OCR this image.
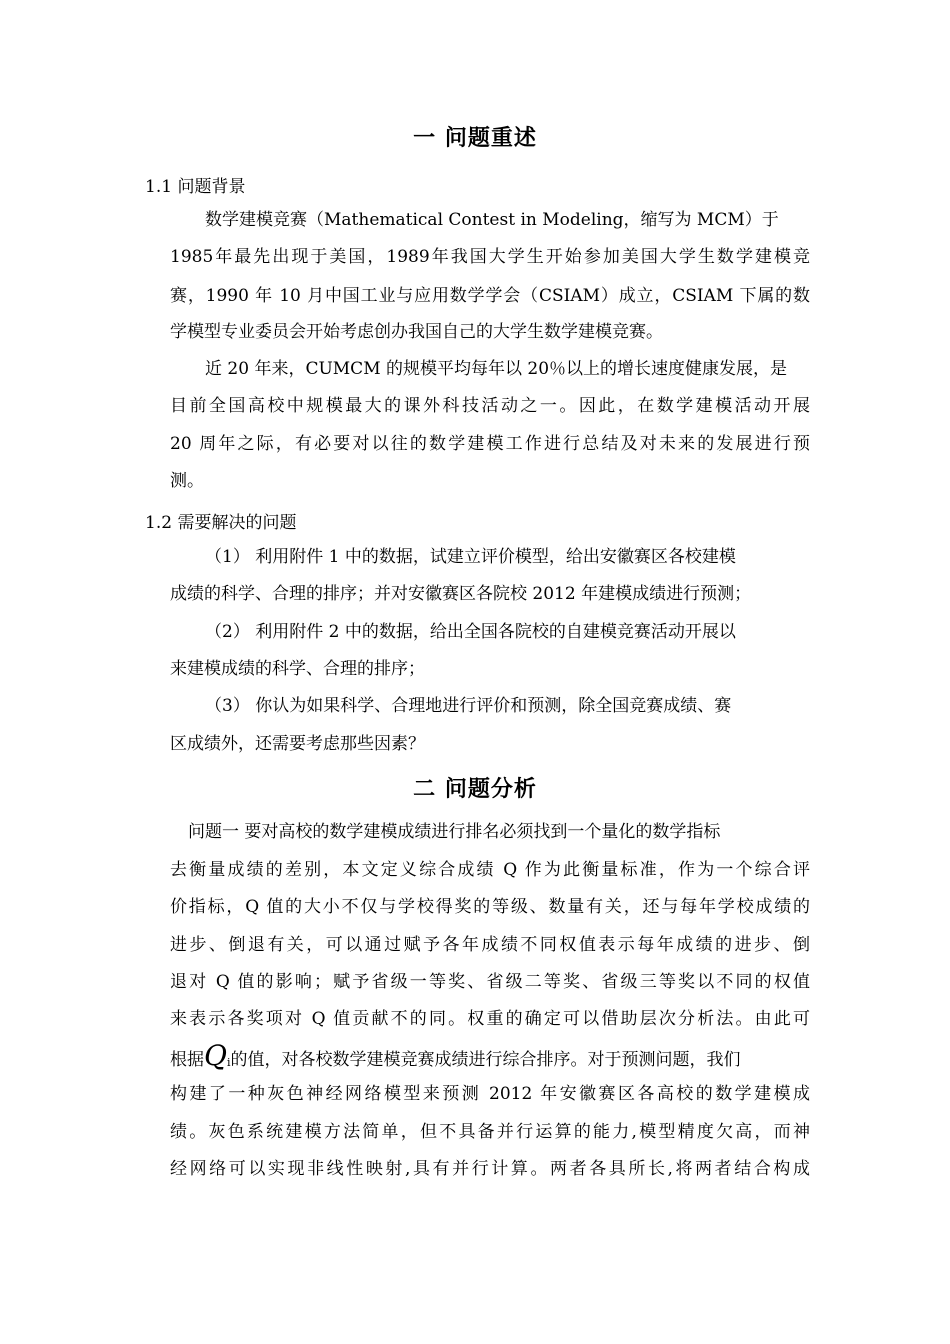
一 问题重述
1.1 问题背景
数学建模竞赛（Mathematical Contest in Modeling，缩写为 MCM）于
1985年最先出现于美国，1989年我国大学生开始参加美国大学生数学建模竞
赛，1990 年 10 月中国工业与应用数学学会（CSIAM）成立，CSIAM 下属的数
学模型专业委员会开始考虑创办我国自己的大学生数学建模竞赛。
近 20 年来，CUMCM 的规模平均每年以 20％以上的增长速度健康发展，是
目前全国高校中规模最大的课外科技活动之一。因此，在数学建模活动开展
20 周年之际，有必要对以往的数学建模工作进行总结及对未来的发展进行预
测。
1.2 需要解决的问题
（1） 利用附件 1 中的数据，试建立评价模型，给出安徽赛区各校建模
成绩的科学、合理的排序；并对安徽赛区各院校 2012 年建模成绩进行预测；
（2） 利用附件 2 中的数据，给出全国各院校的自建模竞赛活动开展以
来建模成绩的科学、合理的排序；
（3） 你认为如果科学、合理地进行评价和预测，除全国竞赛成绩、赛
区成绩外，还需要考虑那些因素？
二 问题分析
问题一 要对高校的数学建模成绩进行排名必须找到一个量化的数学指标
去衡量成绩的差别，本文定义综合成绩 Q 作为此衡量标准，作为一个综合评
价指标，Q 值的大小不仅与学校得奖的等级、数量有关，还与每年学校成绩的
进步、倒退有关，可以通过赋予各年成绩不同权值表示每年成绩的进步、倒
退对 Q 值的影响；赋予省级一等奖、省级二等奖、省级三等奖以不同的权值
来表示各奖项对 Q 值贡献不的同。权重的确定可以借助层次分析法。由此可
根据Qi的值，对各校数学建模竞赛成绩进行综合排序。对于预测问题，我们
构建了一种灰色神经网络模型来预测 2012 年安徽赛区各高校的数学建模成
绩。灰色系统建模方法简单，但不具备并行运算的能力,模型精度欠高，而神
经网络可以实现非线性映射,具有并行计算。两者各具所长,将两者结合构成
